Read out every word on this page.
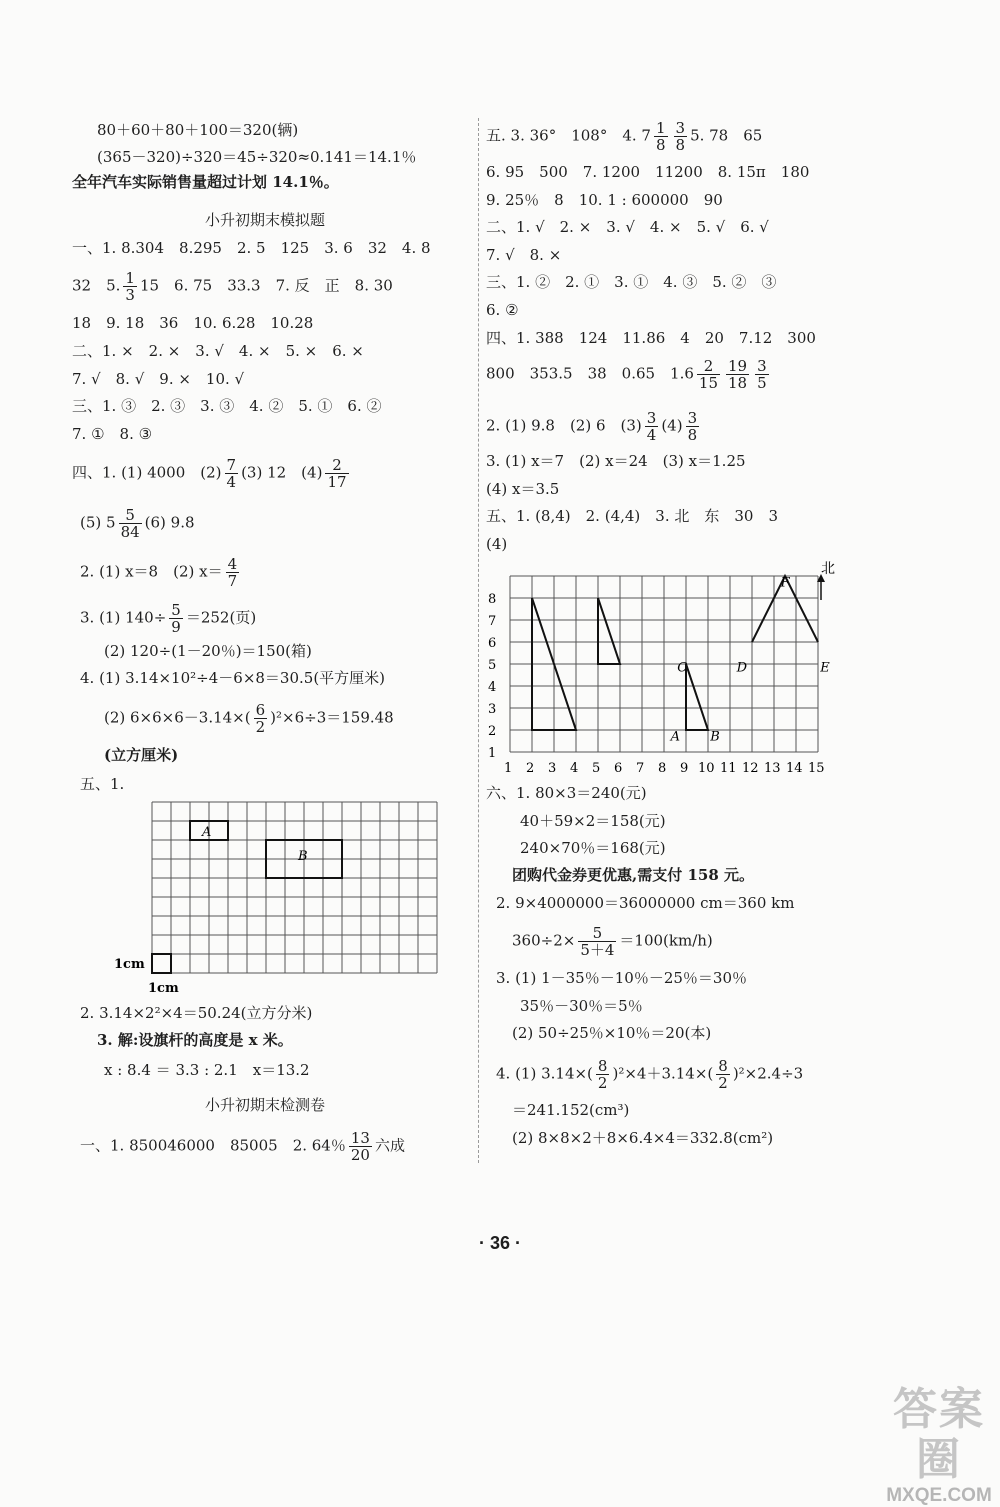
80＋60＋80＋100＝320(辆)
(365－320)÷320＝45÷320≈0.141＝14.1％
全年汽车实际销售量超过计划 14.1％。
小升初期末模拟题
一、1. 8.304　8.295　2. 5　125　3. 6　32　4. 8
32　5. $\frac{1}{3} 15$　6. 75　33.3　7. 反　正　8. 30
18　9. 18　36　10. 6.28　10.28
二、1. ×　2. ×　3. √　4. ×　5. ×　6. ×
7. √　8. √　9. ×　10. √
三、1. ③　2. ③　3. ③　4. ②　5. ①　6. ②
7. ①　8. ③
四、1. (1) 4000　$(2) \frac{7}{4} (3)$ 12　$(4) \frac{2}{17}$
(5) $5 \frac{5}{84} (6)$ 9.8
2. (1) x＝8　(2) $x= \frac{4}{7}$
3. (1) $140\div \frac{5}{9} =252$(页)
(2) 120÷(1－20％)＝150(箱)
4. (1) 3.14×10²÷4－6×8＝30.5(平方厘米)
(2) $6\times 6\times 6-3.14\times( \frac{6}{2} )^2\times 6\div 3=159.48$
(立方厘米)
五、1.
A
B
1cm
1cm
2. 3.14×2²×4＝50.24(立方分米)
3. 解:设旗杆的高度是 x 米。
x : 8.4 ＝ 3.3 : 2.1　x＝13.2
小升初期末检测卷
一、1. 850046000　85005　2. 64％ $\frac{13}{20}$ 六成
五. 3. 36°　108°　4. $7 \frac{1}{8} \frac{3}{8} 5$. 78　65
6. 95　500　7. 1200　11200　8. 15π　180
9. 25％　8　10. 1 : 600000　90
二、1. √　2. ×　3. √　4. ×　5. √　6. √
7. √　8. ×
三、1. ②　2. ①　3. ①　4. ③　5. ②　③
6. ②
四、1. 388　124　11.86　4　20　7.12　300
800　353.5　38　0.65　$1.6 \frac{2}{15} \frac{19}{18} \frac{3}{5}$
2. (1) 9.8　(2) 6　$(3) \frac{3}{4} (4) \frac{3}{8}$
3. (1) x＝7　(2) x＝24　(3) x＝1.25
(4) x＝3.5
五、1. (8,4)　2. (4,4)　3. 北　东　30　3
(4)
1
2
3
4
5
6
7
8
1 2 3 4 5 6 7 8 9 10 11 12 13 14 15
A B
C	D	E
F
北
六、1. 80×3＝240(元)
40＋59×2＝158(元)
240×70％＝168(元)
团购代金券更优惠,需支付 158 元。
2. 9×4000000＝36000000 cm＝360 km
$360\div 2\times \frac{5}{5+4} =100(km/h)$
3. (1) 1－35％－10％－25％＝30％
35％－30％＝5％
(2) 50÷25％×10％＝20(本)
4. (1) $3.14\times( \frac{8}{2} )^2\times 4+3.14\times( \frac{8}{2} )^2\times 2.4\div 3$
＝241.152(cm³)
(2) 8×8×2＋8×6.4×4＝332.8(cm²)
· 36 ·
答案圈
MXQE.COM
